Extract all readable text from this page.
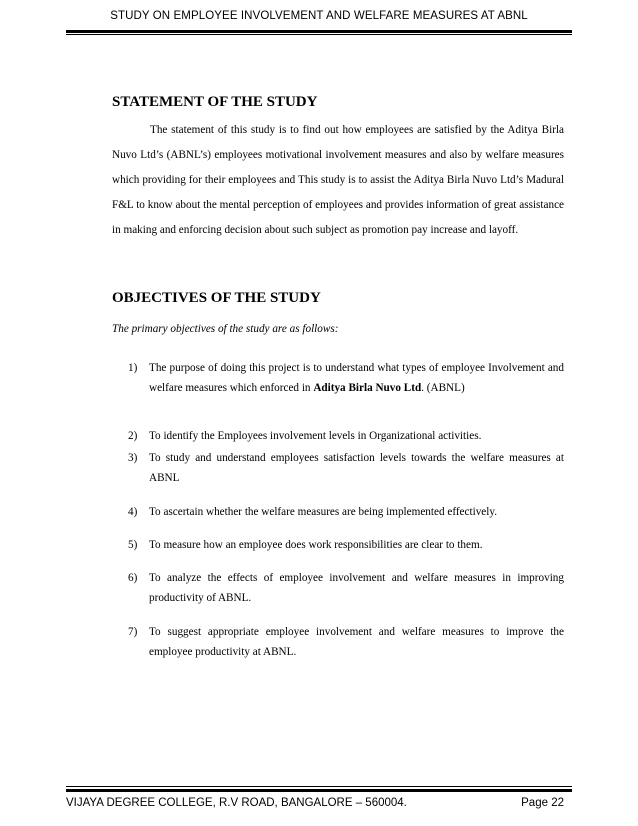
STUDY ON EMPLOYEE INVOLVEMENT AND WELFARE MEASURES AT ABNL
STATEMENT OF THE STUDY
The statement of this study is to find out how employees are satisfied by the Aditya Birla Nuvo Ltd’s (ABNL’s) employees motivational involvement measures and also by welfare measures which providing for their employees and This study is to assist the Aditya Birla Nuvo Ltd’s Madural F&L to know about the mental perception of employees and provides information of great assistance in making and enforcing decision about such subject as promotion pay increase and layoff.
OBJECTIVES OF THE STUDY
The primary objectives of the study are as follows:
1)	The purpose of doing this project is to understand what types of employee Involvement and welfare measures which enforced in Aditya Birla Nuvo Ltd. (ABNL)
2)	To identify the Employees involvement levels in Organizational activities.
3)	To study and understand employees satisfaction levels towards the welfare measures at ABNL
4)	To ascertain whether the welfare measures are being implemented effectively.
5)	To measure how an employee does work responsibilities are clear to them.
6)	To analyze the effects of employee involvement and welfare measures in improving productivity of ABNL.
7)	To suggest appropriate employee involvement and welfare measures to improve the employee productivity at ABNL.
VIJAYA DEGREE COLLEGE, R.V ROAD, BANGALORE – 560004.	Page 22
